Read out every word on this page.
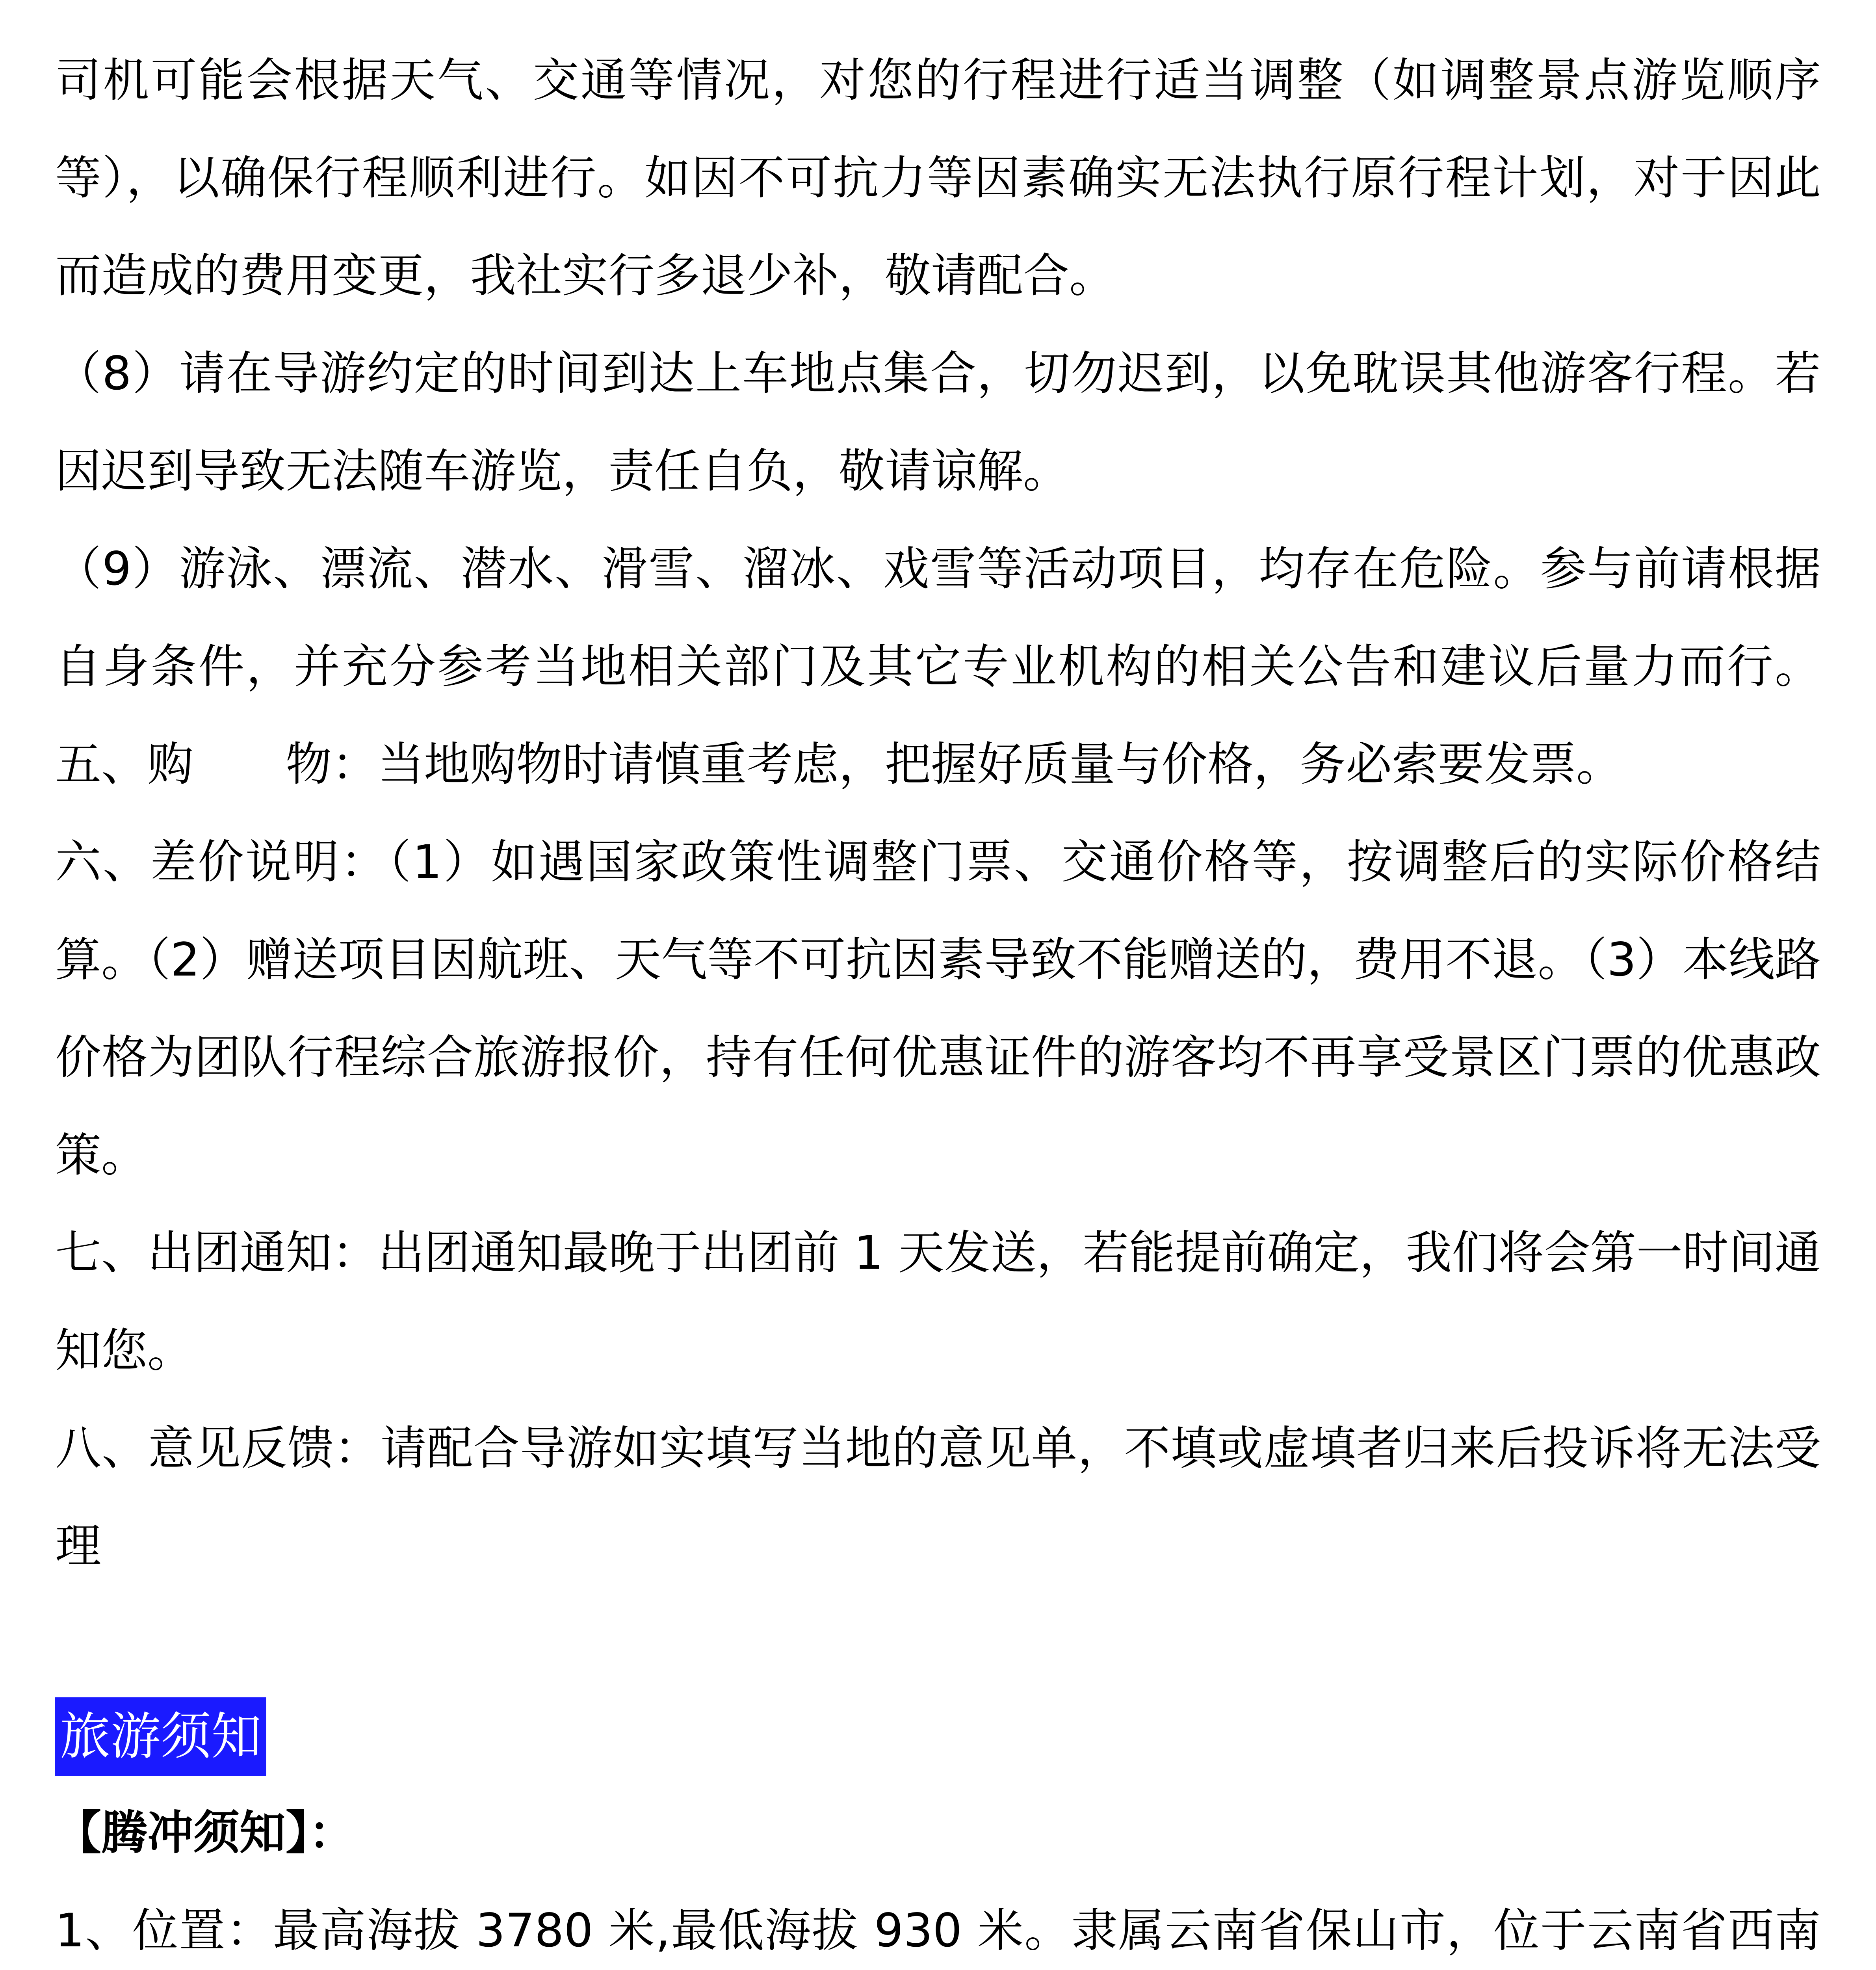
司机可能会根据天气、交通等情况，对您的行程进行适当调整（如调整景点游览顺序等），以确保行程顺利进行。如因不可抗力等因素确实无法执行原行程计划，对于因此而造成的费用变更，我社实行多退少补，敬请配合。

（8）请在导游约定的时间到达上车地点集合，切勿迟到，以免耽误其他游客行程。若因迟到导致无法随车游览，责任自负，敬请谅解。

（9）游泳、漂流、潜水、滑雪、溜冰、戏雪等活动项目，均存在危险。参与前请根据自身条件，并充分参考当地相关部门及其它专业机构的相关公告和建议后量力而行。五、购　　物：当地购物时请慎重考虑，把握好质量与价格，务必索要发票。

六、差价说明：（1）如遇国家政策性调整门票、交通价格等，按调整后的实际价格结算。（2）赠送项目因航班、天气等不可抗因素导致不能赠送的，费用不退。（3）本线路价格为团队行程综合旅游报价，持有任何优惠证件的游客均不再享受景区门票的优惠政策。

七、出团通知：出团通知最晚于出团前 1 天发送，若能提前确定，我们将会第一时间通知您。

八、意见反馈：请配合导游如实填写当地的意见单，不填或虚填者归来后投诉将无法受理

旅游须知

【腾冲须知】：

1、位置：最高海拔 3780 米,最低海拔 930 米。隶属云南省保山市，位于云南省西南
